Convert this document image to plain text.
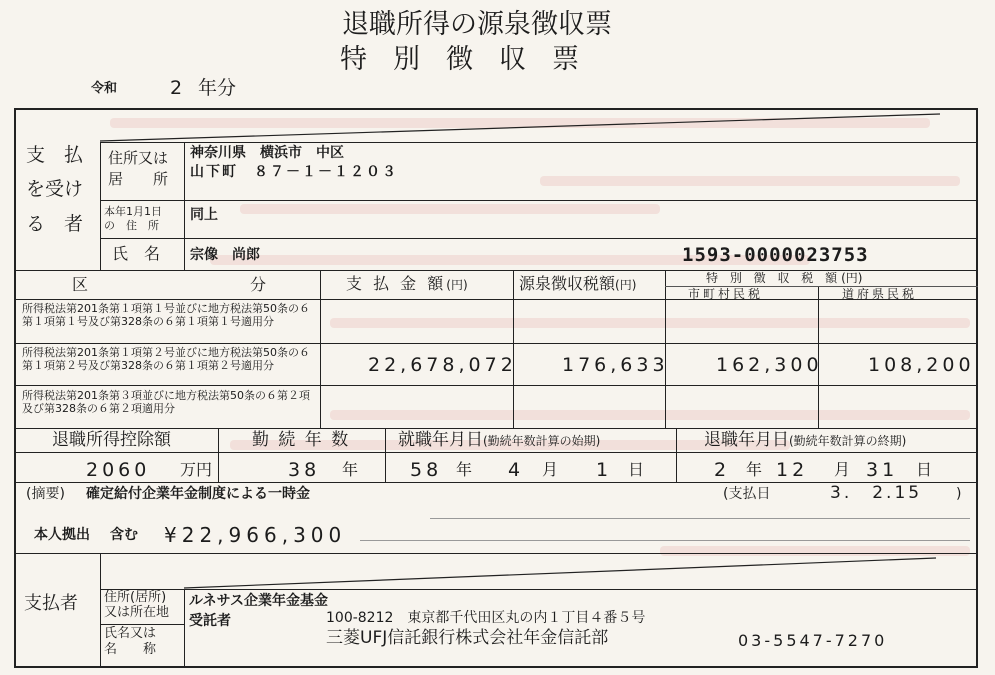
退職所得の源泉徴収票
特別徴収票
令和	2 年分
支　払
を受け
る　者
住所又は
居　　所
神奈川県　横浜市　中区
山下町　８７－１－１２０３
本年1月1日
の　住　所
同上
氏　名 宗像　尚郎	1593-0000023753
区	分	支 払 金 額(円)	源泉徴収税額(円)	特 別 徴 収 税 額(円)
市町村民税	道府県民税
所得税法第201条第１項第１号並びに地方税法第50条の６第１項第１号及び第328条の６第１項第１号適用分
所得税法第201条第１項第２号並びに地方税法第50条の６第１項第２号及び第328条の６第１項第２号適用分	22,678,072 176,633 162,300 108,200
所得税法第201条第３項並びに地方税法第50条の６第２項及び第328条の６第２項適用分
退職所得控除額	勤 続 年 数	就職年月日(勤続年数計算の始期)	退職年月日(勤続年数計算の終期)
2060 万円	38 年	58 年 4 月 1 日	2 年 12 月 31 日
(摘要) 確定給付企業年金制度による一時金	(支払日	3.　2.15 )
本人拠出 含む ¥22,966,300
支払者 住所(居所)
又は所在地
氏名又は
名　　称
ルネサス企業年金基金
受託者	100-8212　東京都千代田区丸の内１丁目４番５号
三菱UFJ信託銀行株式会社年金信託部	03-5547-7270
